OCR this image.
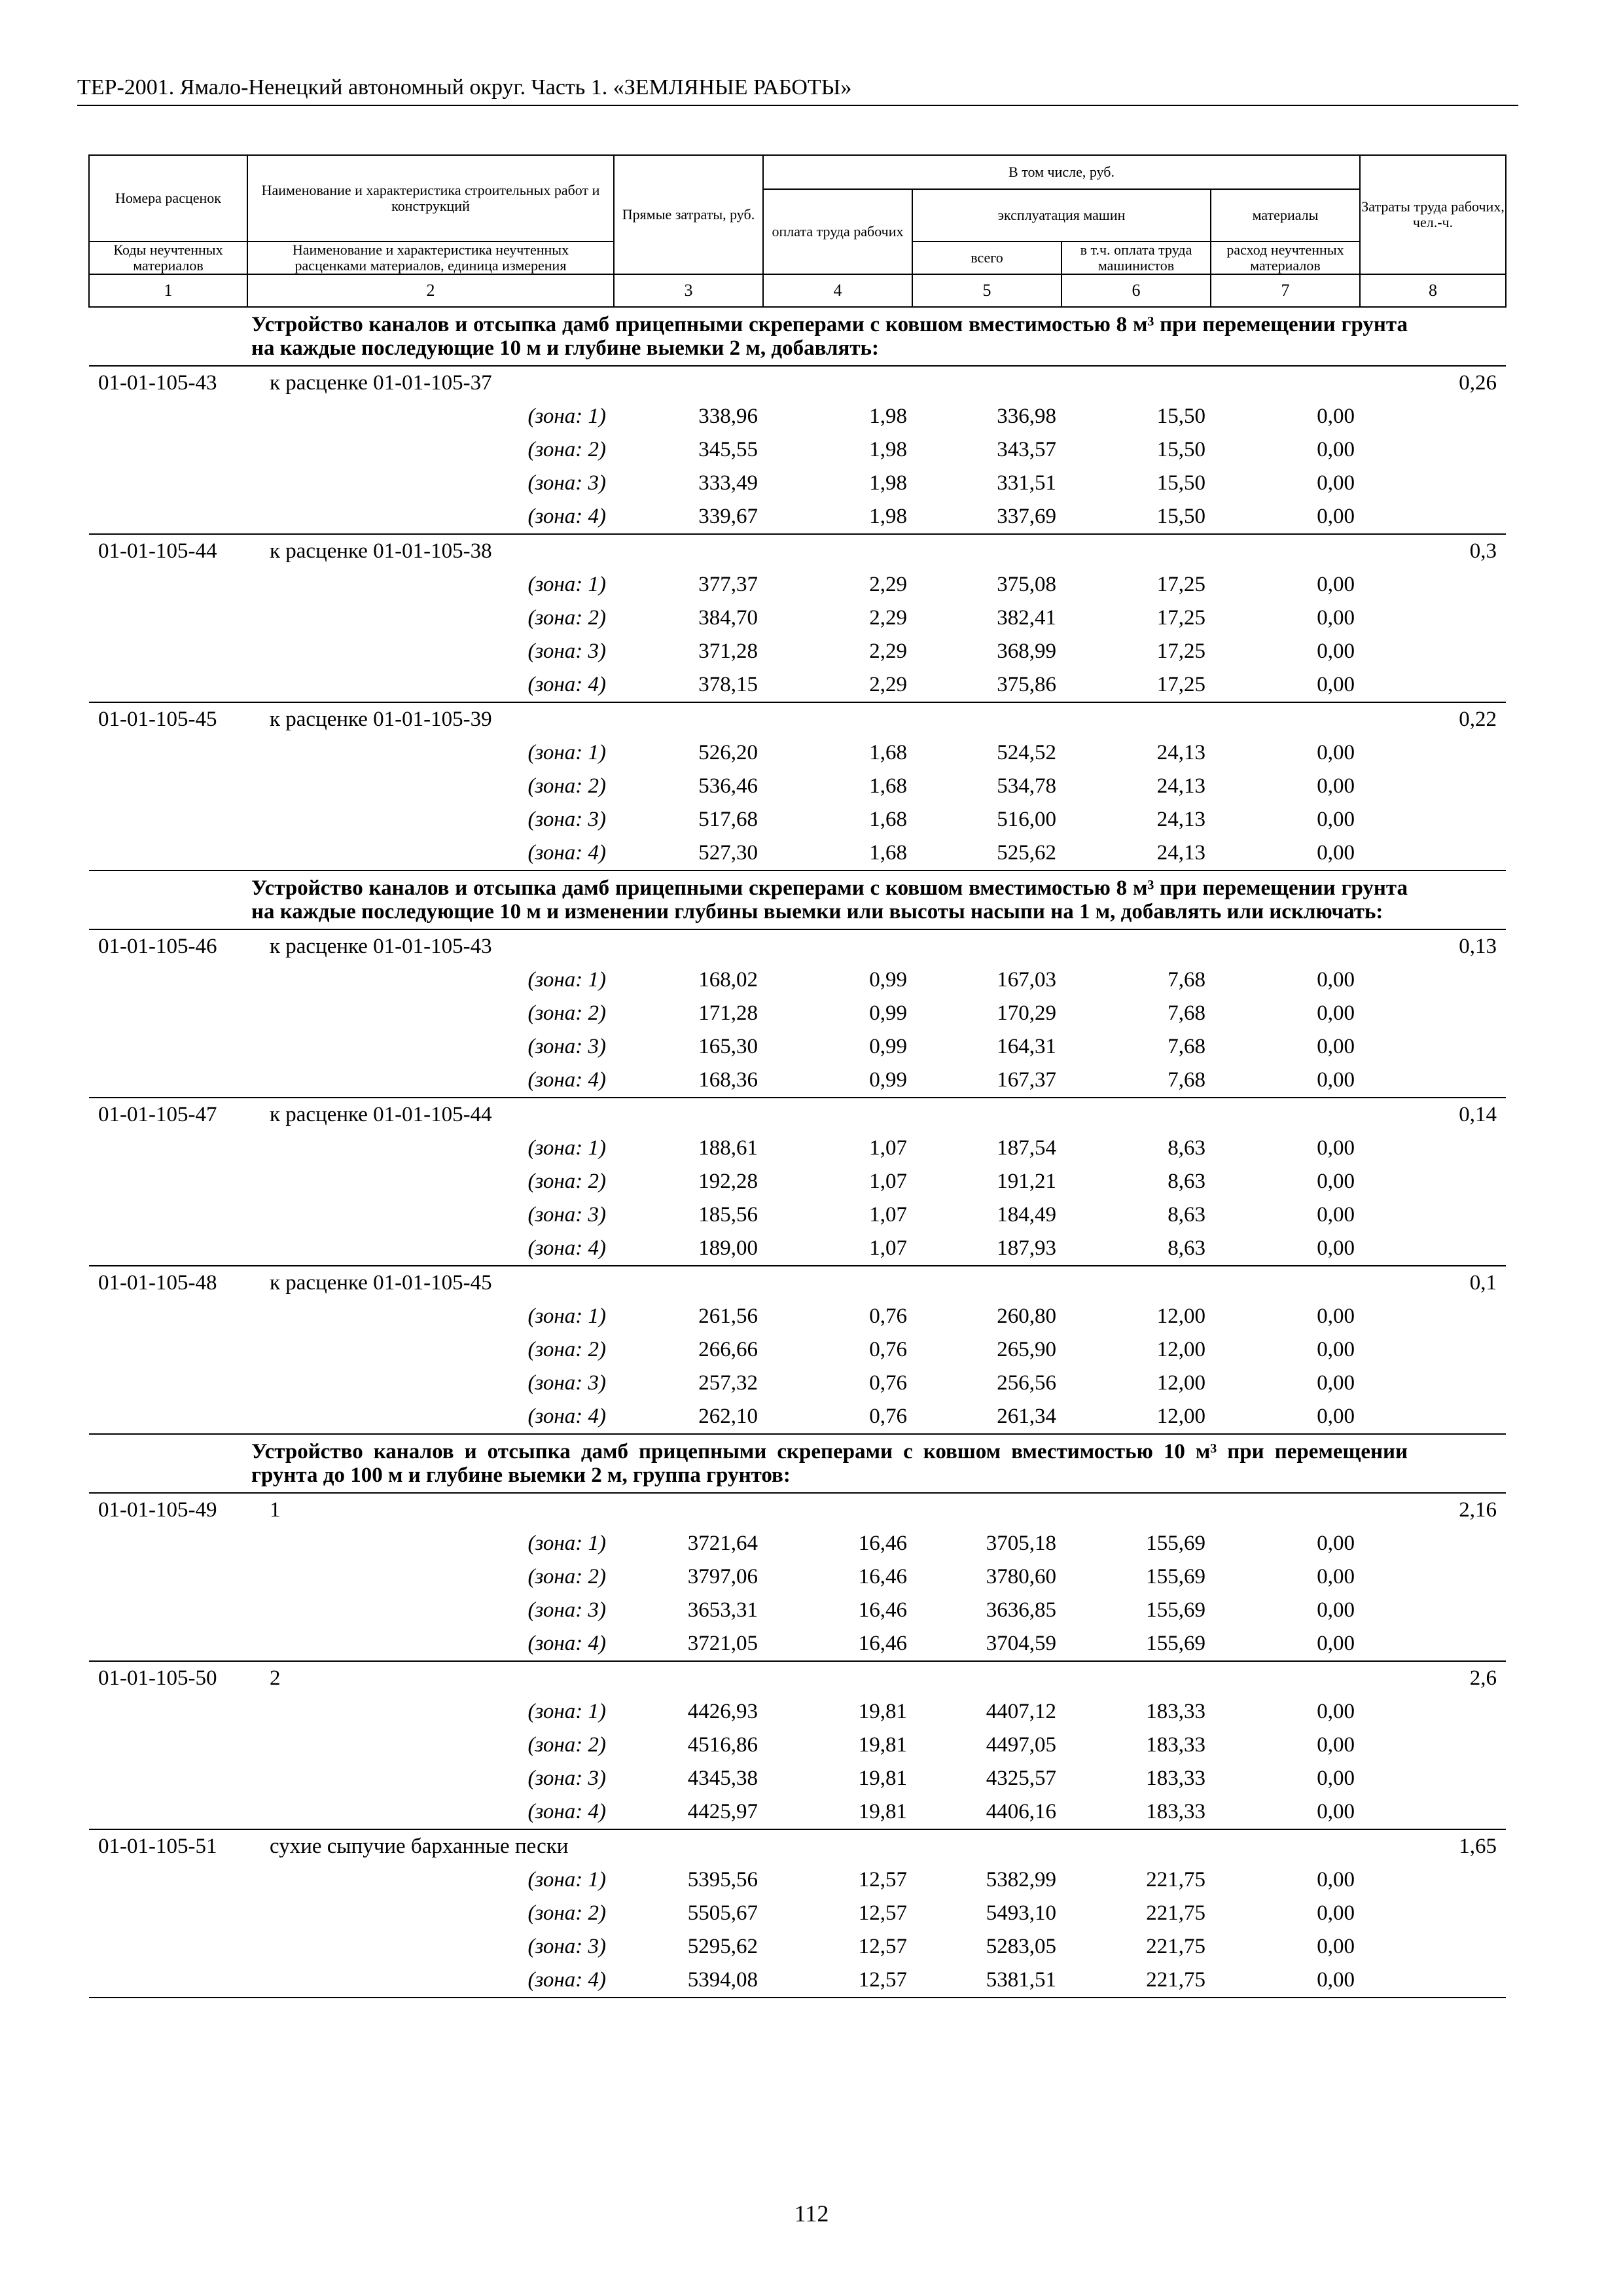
ТЕР-2001. Ямало-Ненецкий автономный округ. Часть 1. «ЗЕМЛЯНЫЕ РАБОТЫ»
Номера расценок	Наименование и характеристика строительных работ и конструкций	Прямые затраты, руб.	В том числе, руб.				Затраты труда рабочих, чел.-ч.
			оплата труда рабочих	эксплуатация машин		материалы	
Коды неучтенных материалов	Наименование и характеристика неучтенных расценками материалов, единица измерения			всего	в т.ч. оплата труда машинистов	расход неучтенных материалов	

1	2	3	4	5	6	7	8
	Устройство каналов и отсыпка дамб прицепными скреперами с ковшом вместимостью 8 м³ при перемещении грунта на каждые последующие 10 м и глубине выемки 2 м, добавлять:						
01-01-105-43	к расценке 01-01-105-37						0,26
	(зона: 1)	338,96	1,98	336,98	15,50	0,00	
	(зона: 2)	345,55	1,98	343,57	15,50	0,00	
	(зона: 3)	333,49	1,98	331,51	15,50	0,00	
	(зона: 4)	339,67	1,98	337,69	15,50	0,00	
01-01-105-44	к расценке 01-01-105-38						0,3
	(зона: 1)	377,37	2,29	375,08	17,25	0,00	
	(зона: 2)	384,70	2,29	382,41	17,25	0,00	
	(зона: 3)	371,28	2,29	368,99	17,25	0,00	
	(зона: 4)	378,15	2,29	375,86	17,25	0,00	
01-01-105-45	к расценке 01-01-105-39						0,22
	(зона: 1)	526,20	1,68	524,52	24,13	0,00	
	(зона: 2)	536,46	1,68	534,78	24,13	0,00	
	(зона: 3)	517,68	1,68	516,00	24,13	0,00	
	(зона: 4)	527,30	1,68	525,62	24,13	0,00	
	Устройство каналов и отсыпка дамб прицепными скреперами с ковшом вместимостью 8 м³ при перемещении грунта на каждые последующие 10 м и изменении глубины выемки или высоты насыпи на 1 м, добавлять или исключать:						
01-01-105-46	к расценке 01-01-105-43						0,13
	(зона: 1)	168,02	0,99	167,03	7,68	0,00	
	(зона: 2)	171,28	0,99	170,29	7,68	0,00	
	(зона: 3)	165,30	0,99	164,31	7,68	0,00	
	(зона: 4)	168,36	0,99	167,37	7,68	0,00	
01-01-105-47	к расценке 01-01-105-44						0,14
	(зона: 1)	188,61	1,07	187,54	8,63	0,00	
	(зона: 2)	192,28	1,07	191,21	8,63	0,00	
	(зона: 3)	185,56	1,07	184,49	8,63	0,00	
	(зона: 4)	189,00	1,07	187,93	8,63	0,00	
01-01-105-48	к расценке 01-01-105-45						0,1
	(зона: 1)	261,56	0,76	260,80	12,00	0,00	
	(зона: 2)	266,66	0,76	265,90	12,00	0,00	
	(зона: 3)	257,32	0,76	256,56	12,00	0,00	
	(зона: 4)	262,10	0,76	261,34	12,00	0,00	
	Устройство каналов и отсыпка дамб прицепными скреперами с ковшом вместимостью 10 м³ при перемещении грунта до 100 м и глубине выемки 2 м, группа грунтов:						
01-01-105-49	1						2,16
	(зона: 1)	3721,64	16,46	3705,18	155,69	0,00	
	(зона: 2)	3797,06	16,46	3780,60	155,69	0,00	
	(зона: 3)	3653,31	16,46	3636,85	155,69	0,00	
	(зона: 4)	3721,05	16,46	3704,59	155,69	0,00	
01-01-105-50	2						2,6
	(зона: 1)	4426,93	19,81	4407,12	183,33	0,00	
	(зона: 2)	4516,86	19,81	4497,05	183,33	0,00	
	(зона: 3)	4345,38	19,81	4325,57	183,33	0,00	
	(зона: 4)	4425,97	19,81	4406,16	183,33	0,00	
01-01-105-51	сухие сыпучие барханные пески						1,65
	(зона: 1)	5395,56	12,57	5382,99	221,75	0,00	
	(зона: 2)	5505,67	12,57	5493,10	221,75	0,00	
	(зона: 3)	5295,62	12,57	5283,05	221,75	0,00	
	(зона: 4)	5394,08	12,57	5381,51	221,75	0,00	
112
